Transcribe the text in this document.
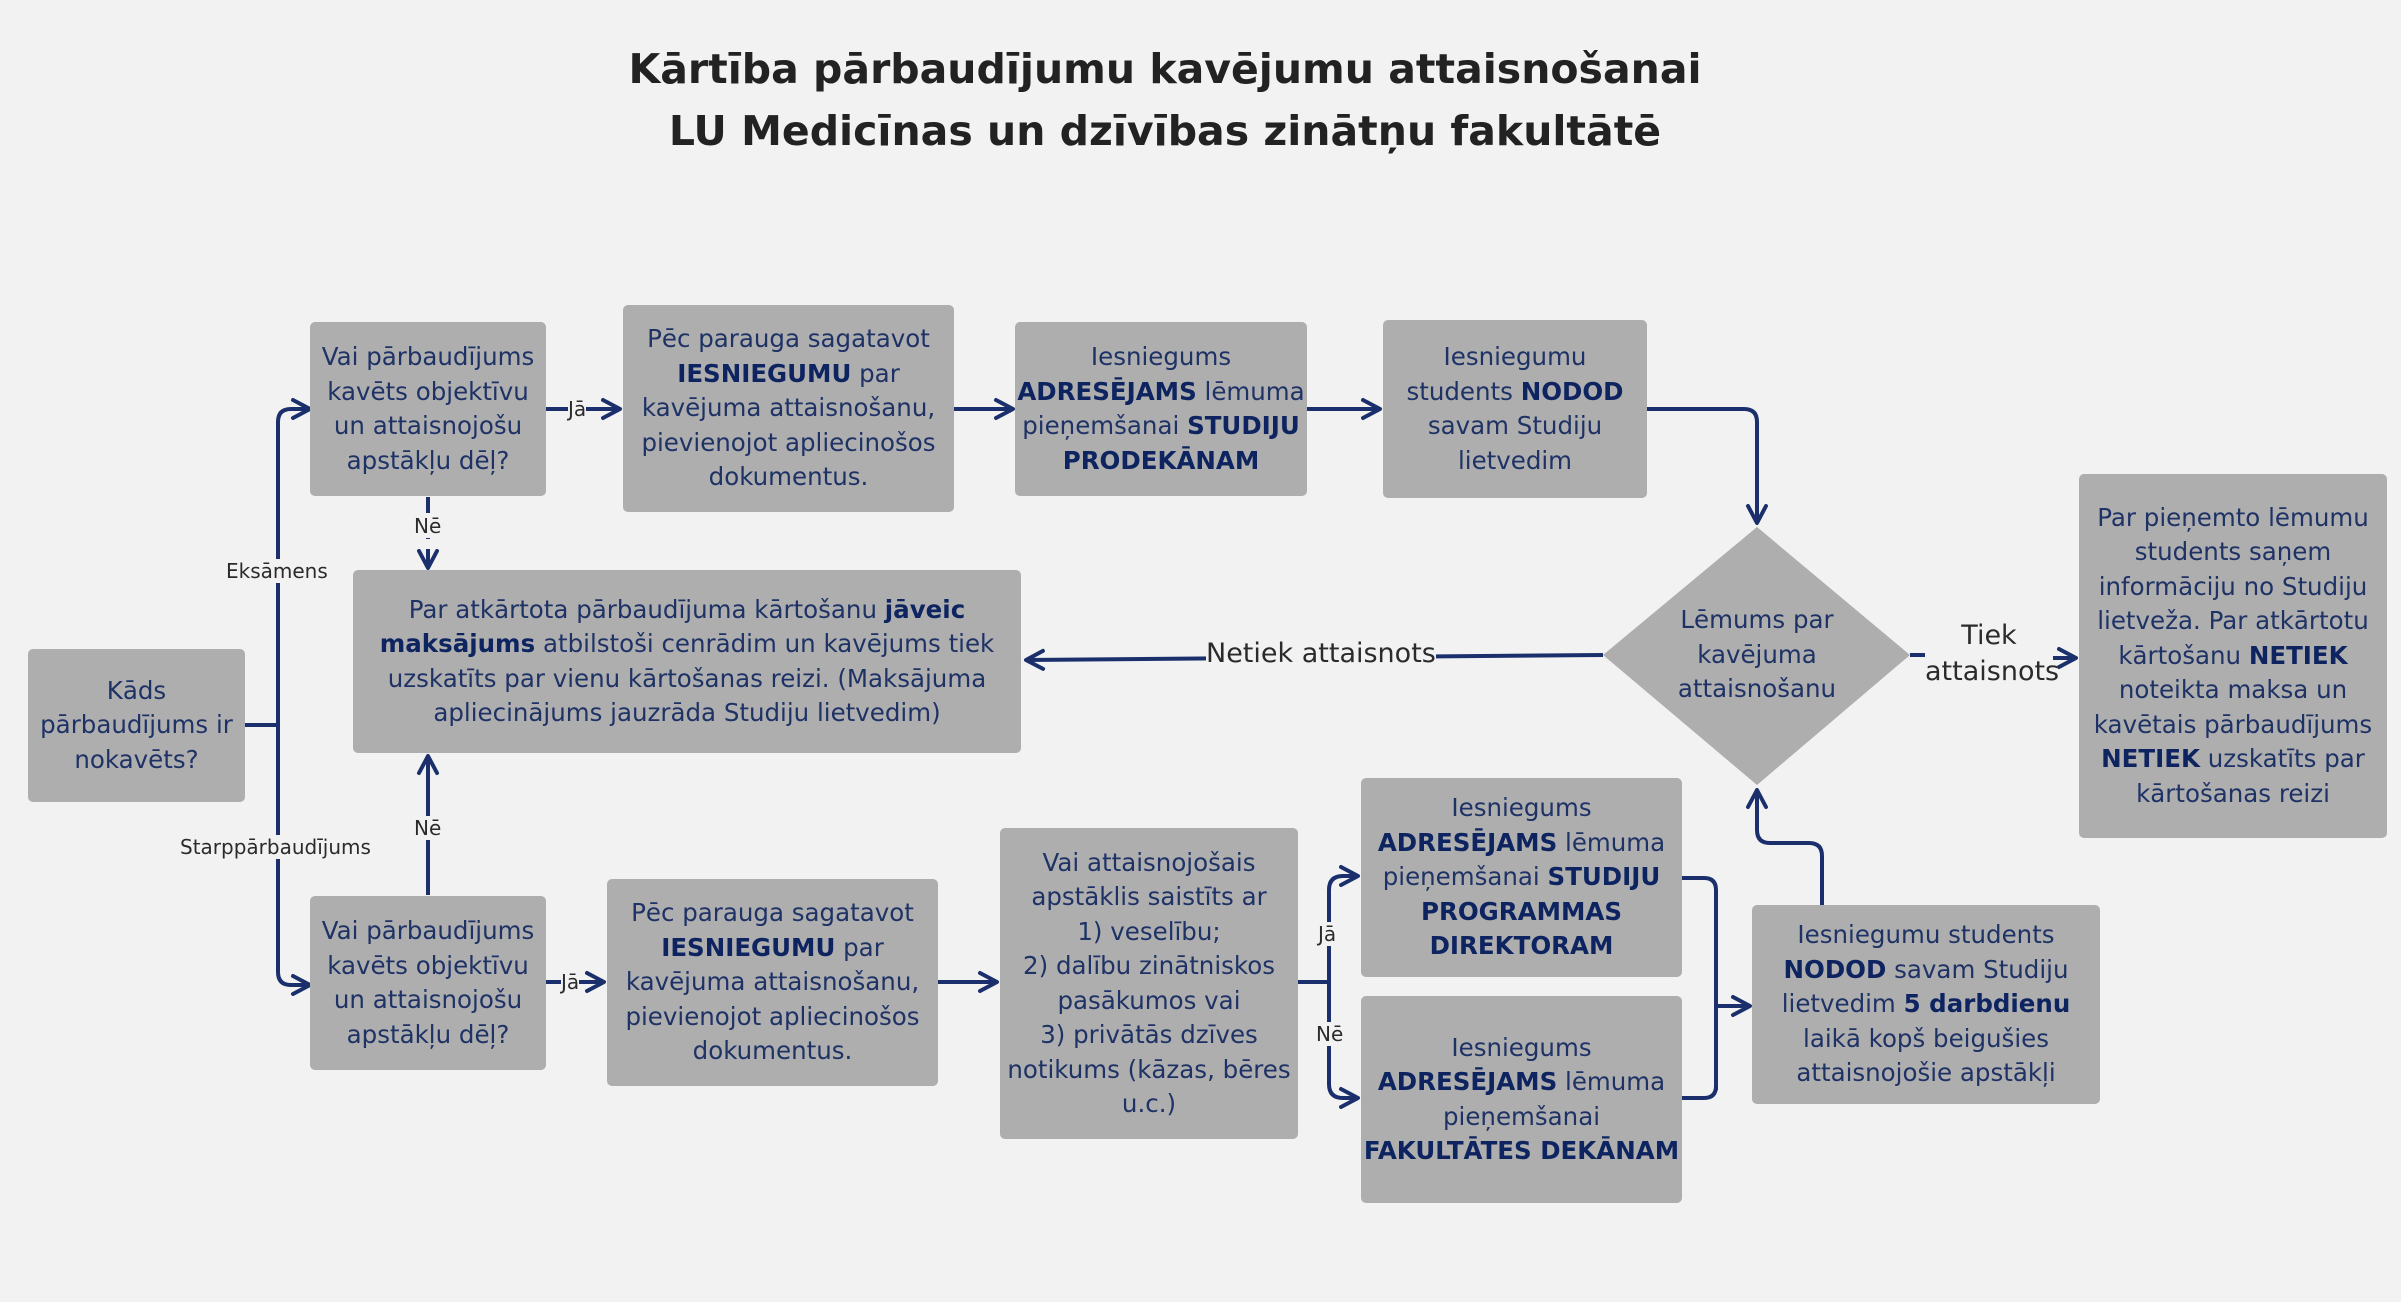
Kārtība pārbaudījumu kavējumu attaisnošanai
LU Medicīnas un dzīvības zinātņu fakultātē
Kāds
pārbaudījums ir
nokavēts?
Vai pārbaudījums
kavēts objektīvu
un attaisnojošu
apstākļu dēļ?
Pēc parauga sagatavot
IESNIEGUMU par
kavējuma attaisnošanu,
pievienojot apliecinošos
dokumentus.
Iesniegums
ADRESĒJAMS lēmuma
pieņemšanai STUDIJU
PRODEKĀNAM
Iesniegumu
students NODOD
savam Studiju
lietvedim
Par atkārtota pārbaudījuma kārtošanu jāveic
maksājums atbilstoši cenrādim un kavējums tiek
uzskatīts par vienu kārtošanas reizi. (Maksājuma
apliecinājums jauzrāda Studiju lietvedim)
Lēmums par
kavējuma
attaisnošanu
Par pieņemto lēmumu
students saņem
informāciju no Studiju
lietveža. Par atkārtotu
kārtošanu NETIEK
noteikta maksa un
kavētais pārbaudījums
NETIEK uzskatīts par
kārtošanas reizi
Vai pārbaudījums
kavēts objektīvu
un attaisnojošu
apstākļu dēļ?
Pēc parauga sagatavot
IESNIEGUMU par
kavējuma attaisnošanu,
pievienojot apliecinošos
dokumentus.
Vai attaisnojošais
apstāklis saistīts ar
1) veselību;
2) dalību zinātniskos
pasākumos vai
3) privātās dzīves
notikums (kāzas, bēres
u.c.)
Iesniegums
ADRESĒJAMS lēmuma
pieņemšanai STUDIJU
PROGRAMMAS
DIREKTORAM
Iesniegums
ADRESĒJAMS lēmuma
pieņemšanai
FAKULTĀTES DEKĀNAM
Iesniegumu students
NODOD savam Studiju
lietvedim 5 darbdienu
laikā kopš beigušies
attaisnojošie apstākļi
Eksāmens
Starppārbaudījums
Jā
Nē
Nē
Jā
Jā
Nē
Netiek attaisnots
Tiek
attaisnots
